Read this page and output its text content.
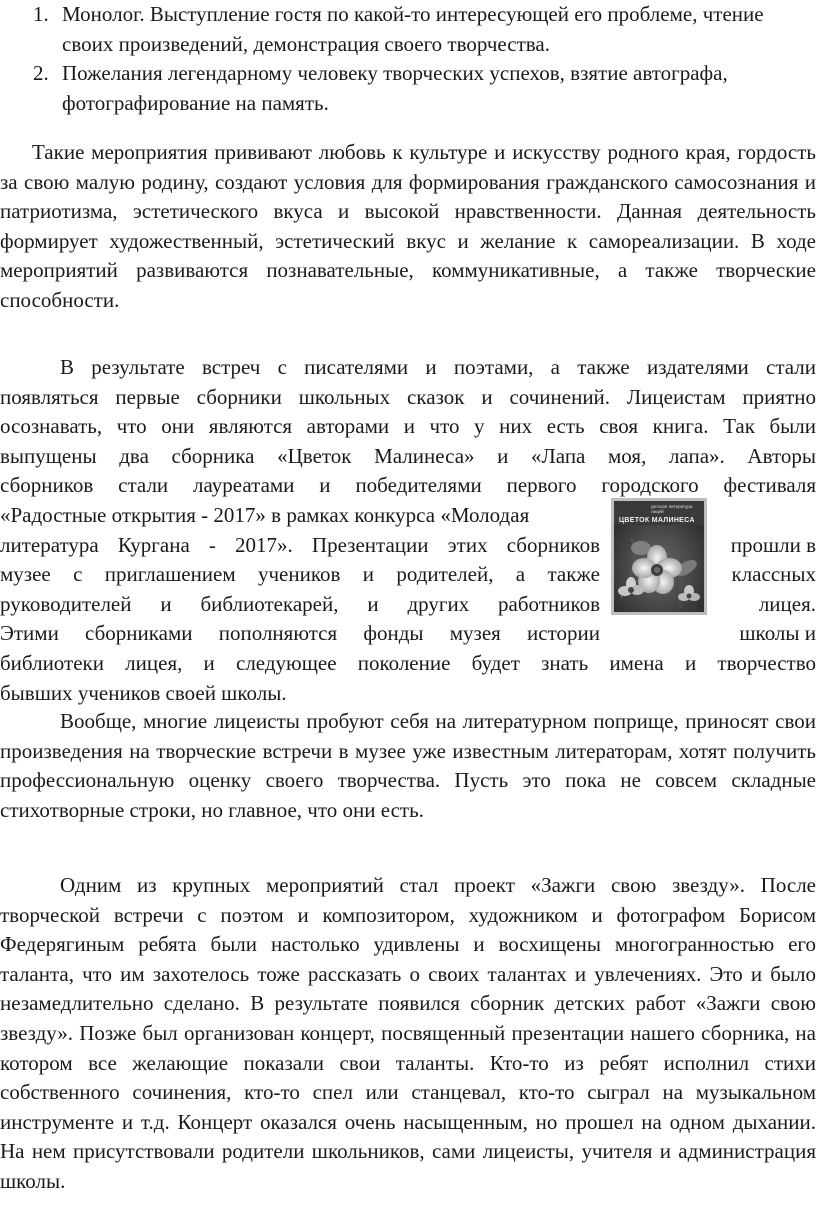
1. Монолог. Выступление гостя по какой-то интересующей его проблеме, чтение своих произведений, демонстрация своего творчества.
2. Пожелания легендарному человеку творческих успехов, взятие автографа, фотографирование на память.

Такие мероприятия прививают любовь к культуре и искусству родного края, гордость за свою малую родину, создают условия для формирования гражданского самосознания и патриотизма, эстетического вкуса и высокой нравственности. Данная деятельность формирует художественный, эстетический вкус и желание к самореализации. В ходе мероприятий развиваются познавательные, коммуникативные, а также творческие способности.

В результате встреч с писателями и поэтами, а также издателями стали
появляться первые сборники школьных сказок и сочинений. Лицеистам приятно
осознавать, что они являются авторами и что у них есть своя книга. Так были
выпущены два сборника «Цветок Малинеса» и «Лапа моя, лапа». Авторы
сборников стали лауреатами и победителями первого городского фестиваля
«Радостные открытия - 2017» в рамках конкурса «Молодая
литература Кургана - 2017». Презентации этих сборников	прошли в
музее с приглашением учеников и родителей, а также	классных
руководителей и библиотекарей, и других работников	лицея.
Этими сборниками пополняются фонды музея истории	школы и
библиотеки лицея, и следующее поколение будет знать имена и творчество
бывших учеников своей школы.
детская литература
лицей
ЦВЕТОК МАЛИНЕСА

Вообще, многие лицеисты пробуют себя на литературном поприще, приносят свои произведения на творческие встречи в музее уже известным литераторам, хотят получить профессиональную оценку своего творчества. Пусть это пока не совсем складные стихотворные строки, но главное, что они есть.

Одним из крупных мероприятий стал проект «Зажги свою звезду». После творческой встречи с поэтом и композитором, художником и фотографом Борисом Федерягиным ребята были настолько удивлены и восхищены многогранностью его таланта, что им захотелось тоже рассказать о своих талантах и увлечениях. Это и было незамедлительно сделано. В результате появился сборник детских работ «Зажги свою звезду». Позже был организован концерт, посвященный презентации нашего сборника, на котором все желающие показали свои таланты. Кто-то из ребят исполнил стихи собственного сочинения, кто-то спел или станцевал, кто-то сыграл на музыкальном инструменте и т.д. Концерт оказался очень насыщенным, но прошел на одном дыхании. На нем присутствовали родители школьников, сами лицеисты, учителя и администрация школы.
